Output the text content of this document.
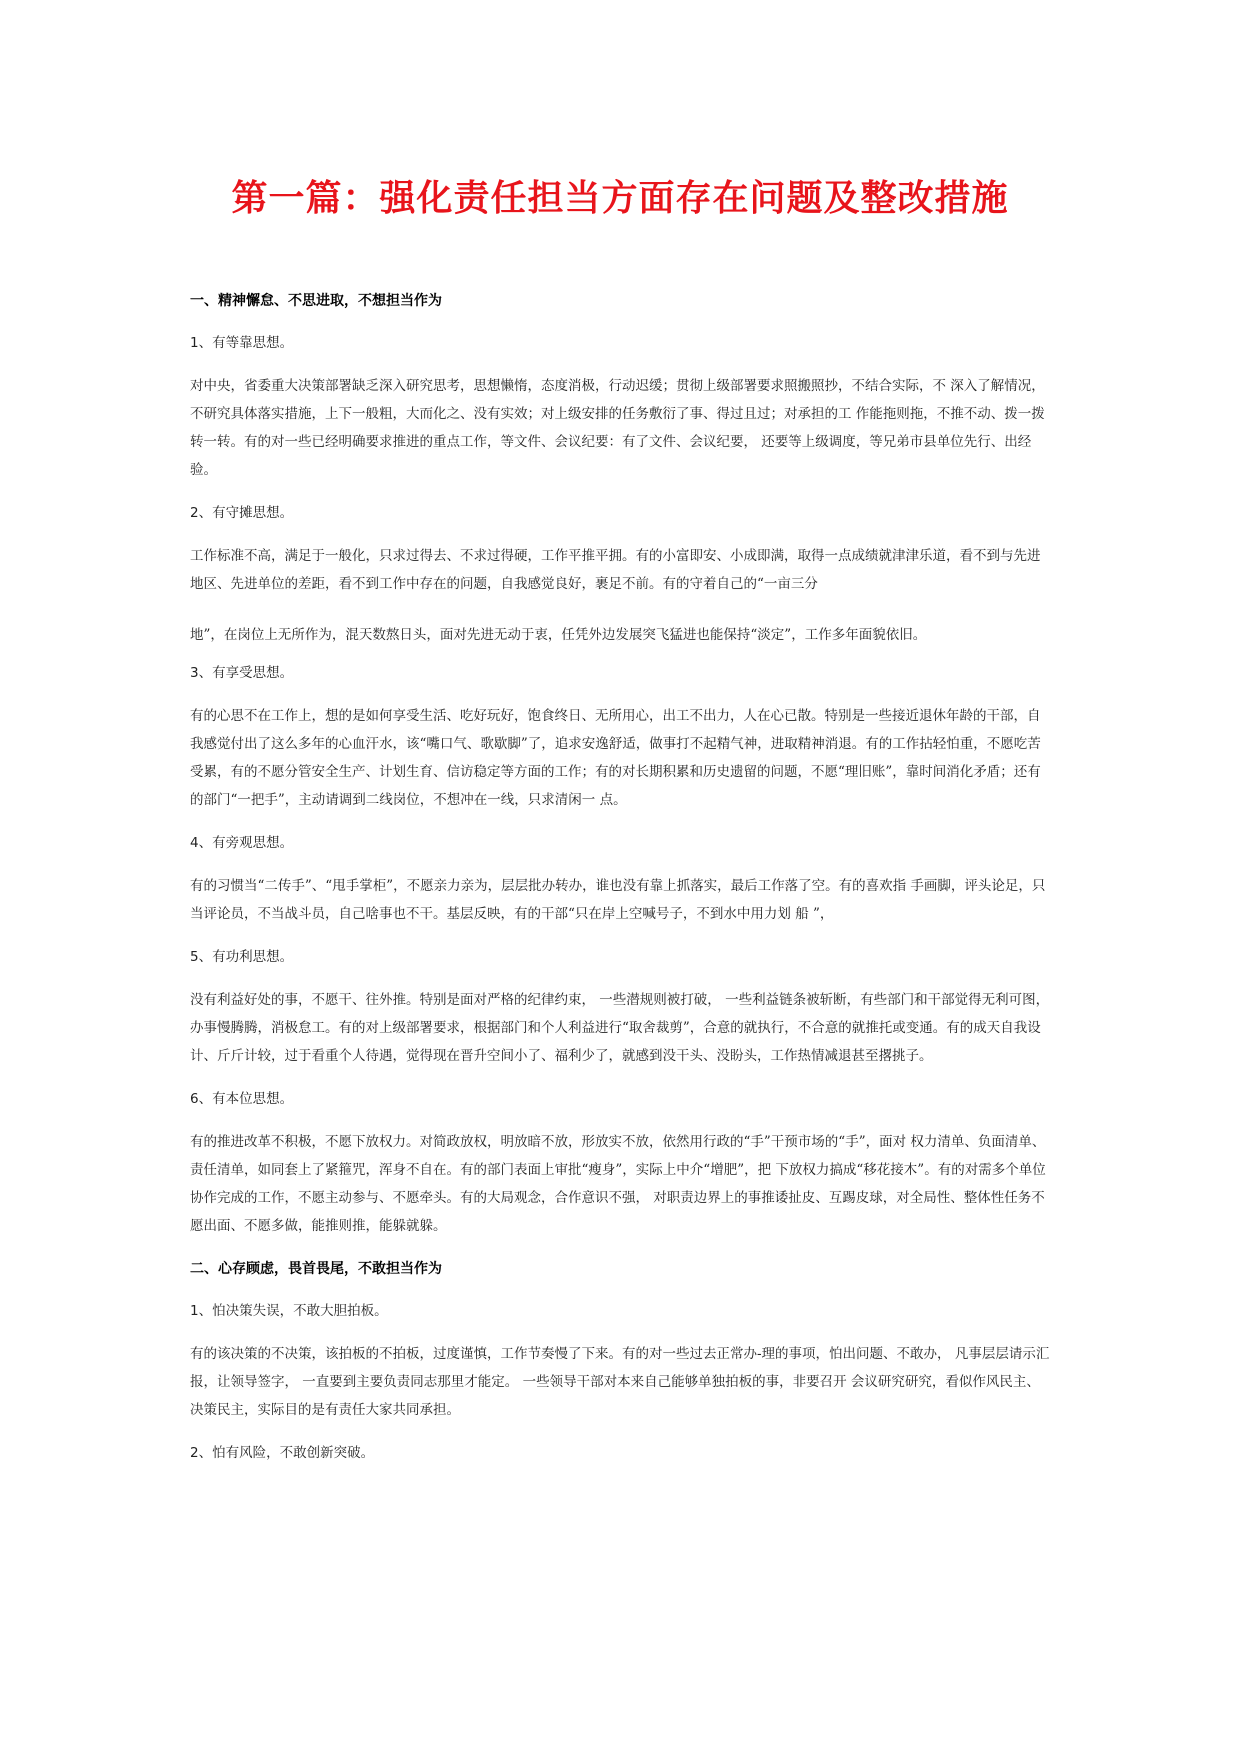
第一篇：强化责任担当方面存在问题及整改措施
一、精神懈怠、不思进取，不想担当作为
1、有等靠思想。
对中央，省委重大决策部署缺乏深入研究思考，思想懒惰，态度消极，行动迟缓；贯彻上级部署要求照搬照抄，不结合实际，不 深入了解情况，不研究具体落实措施，上下一般粗，大而化之、没有实效；对上级安排的任务敷衍了事、得过且过；对承担的工 作能拖则拖，不推不动、拨一拨转一转。有的对一些已经明确要求推进的重点工作，等文件、会议纪要：有了文件、会议纪要， 还要等上级调度，等兄弟市县单位先行、出经验。
2、有守摊思想。
工作标准不高，满足于一般化，只求过得去、不求过得硬，工作平推平拥。有的小富即安、小成即满，取得一点成绩就津津乐道，看不到与先进地区、先进单位的差距，看不到工作中存在的问题，自我感觉良好，裹足不前。有的守着自己的“一亩三分
地”，在岗位上无所作为，混天数熬日头，面对先进无动于衷，任凭外边发展突飞猛进也能保持“淡定”，工作多年面貌依旧。
3、有享受思想。
有的心思不在工作上，想的是如何享受生活、吃好玩好，饱食终日、无所用心，出工不出力，人在心已散。特别是一些接近退休年龄的干部，自我感觉付出了这么多年的心血汗水，该“嘴口气、歌歇脚”了，追求安逸舒适，做事打不起精气神，进取精神消退。有的工作拈轻怕重，不愿吃苦受累，有的不愿分管安全生产、计划生育、信访稳定等方面的工作；有的对长期积累和历史遗留的问题，不愿“理旧账”，靠时间消化矛盾；还有的部门“一把手”，主动请调到二线岗位，不想冲在一线，只求清闲一 点。
4、有旁观思想。
有的习惯当“二传手”、“甩手掌柜”，不愿亲力亲为，层层批办转办，谁也没有靠上抓落实，最后工作落了空。有的喜欢指 手画脚，评头论足，只当评论员，不当战斗员，自己啥事也不干。基层反映，有的干部“只在岸上空喊号子，不到水中用力划 船 ”，
5、有功利思想。
没有利益好处的事，不愿干、往外推。特别是面对严格的纪律约束， 一些潜规则被打破， 一些利益链条被斩断，有些部门和干部觉得无利可图，办事慢腾腾，消极怠工。有的对上级部署要求，根据部门和个人利益进行“取舍裁剪”，合意的就执行，不合意的就推托或变通。有的成天自我设计、斤斤计较，过于看重个人待遇，觉得现在晋升空间小了、福利少了，就感到没干头、没盼头，工作热情减退甚至撂挑子。
6、有本位思想。
有的推进改革不积极，不愿下放权力。对简政放权，明放暗不放，形放实不放，依然用行政的“手”干预市场的“手”，面对 权力清单、负面清单、责任清单，如同套上了紧箍咒，浑身不自在。有的部门表面上审批“瘦身”，实际上中介“增肥”，把 下放权力搞成“移花接木”。有的对需多个单位协作完成的工作，不愿主动参与、不愿牵头。有的大局观念，合作意识不强， 对职责边界上的事推诿扯皮、互踢皮球，对全局性、整体性任务不愿出面、不愿多做，能推则推，能躲就躲。
二、心存顾虑，畏首畏尾，不敢担当作为
1、怕决策失误，不敢大胆拍板。
有的该决策的不决策，该拍板的不拍板，过度谨慎，工作节奏慢了下来。有的对一些过去正常办-理的事项，怕出问题、不敢办， 凡事层层请示汇报，让领导签字， 一直要到主要负责同志那里才能定。 一些领导干部对本来自己能够单独拍板的事，非要召开 会议研究研究，看似作风民主、决策民主，实际目的是有责任大家共同承担。
2、怕有风险，不敢创新突破。
